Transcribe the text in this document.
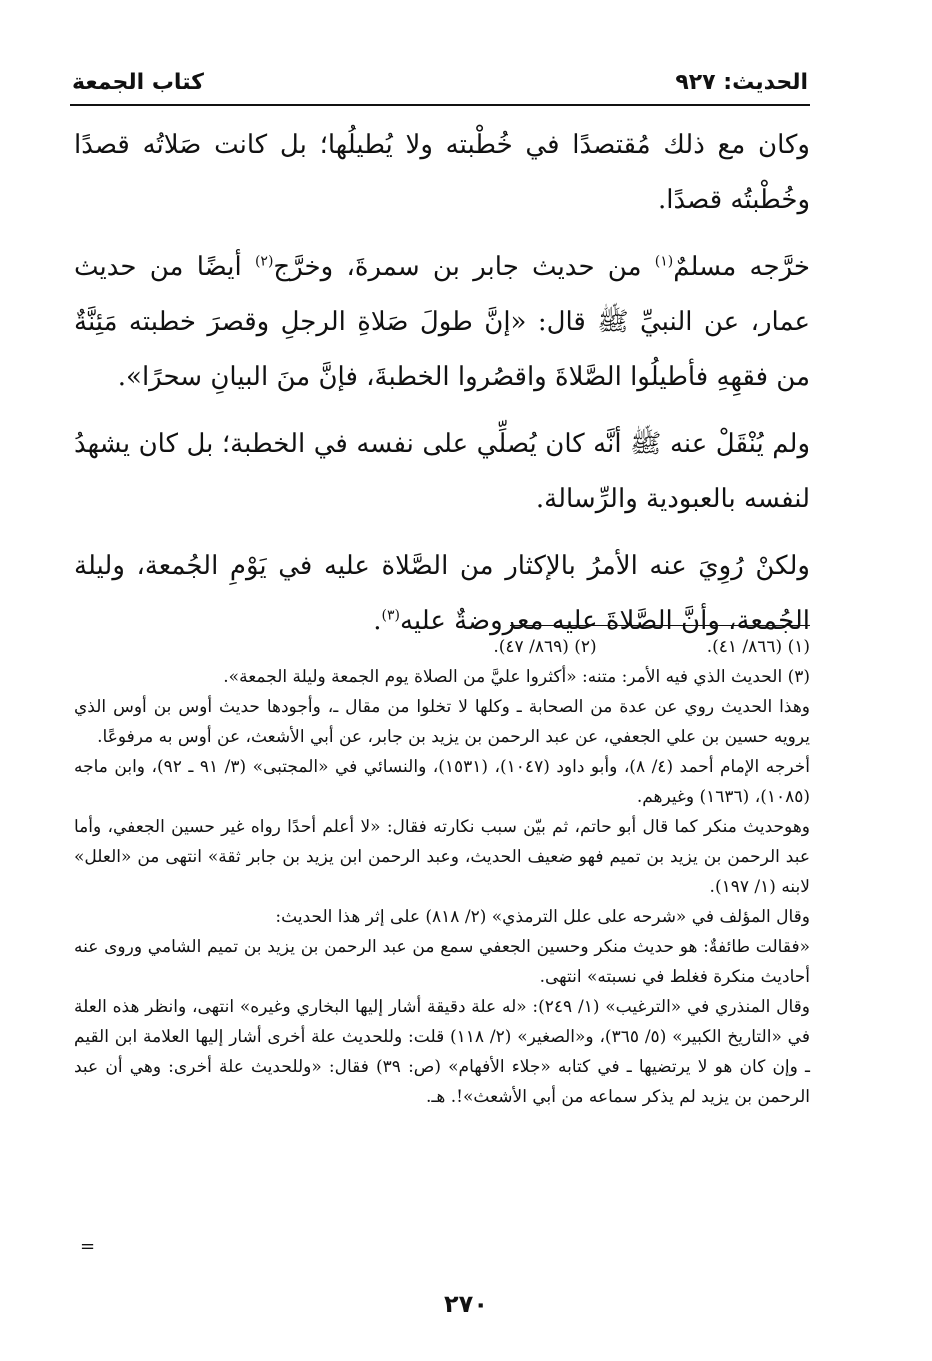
الحديث: ٩٢٧
كتاب الجمعة

وكان مع ذلك مُقتصدًا في خُطْبته ولا يُطيلُها؛ بل كانت صَلاتُه قصدًا وخُطْبتُه قصدًا.

خرَّجه مسلمٌ$^{(١)}$ من حديث جابر بن سمرةَ، وخرَّج$^{(٢)}$ أيضًا من حديث عمار، عن النبيِّ ﷺ قال: «إنَّ طولَ صَلاةِ الرجلِ وقصرَ خطبته مَئِنَّةٌ من فقهِهِ فأطيلُوا الصَّلاةَ واقصُروا الخطبةَ، فإنَّ منَ البيانِ سحرًا».

ولم يُنْقَلْ عنه ﷺ أنَّه كان يُصلِّي على نفسه في الخطبة؛ بل كان يشهدُ لنفسه بالعبودية والرِّسالة.

ولكنْ رُوِيَ عنه الأمرُ بالإكثار من الصَّلاة عليه في يَوْمِ الجُمعة، وليلة الجُمعة، وأنَّ الصَّلاةَ عليه معروضةٌ عليه$^{(٣)}$.

(١) (٨٦٦/ ٤١).
(٢) (٨٦٩/ ٤٧).

(٣) الحديث الذي فيه الأمر: متنه: «أكثروا عليَّ من الصلاة يوم الجمعة وليلة الجمعة».

وهذا الحديث روي عن عدة من الصحابة ـ وكلها لا تخلوا من مقال ـ، وأجودها حديث أوس بن أوس الذي يرويه حسين بن علي الجعفي، عن عبد الرحمن بن يزيد بن جابر، عن أبي الأشعث، عن أوس به مرفوعًا.

أخرجه الإمام أحمد (٤/ ٨)، وأبو داود (١٠٤٧)، (١٥٣١)، والنسائي في «المجتبى» (٣/ ٩١ ـ ٩٢)، وابن ماجه (١٠٨٥)، (١٦٣٦) وغيرهم.

وهوحديث منكر كما قال أبو حاتم، ثم بيّن سبب نكارته فقال: «لا أعلم أحدًا رواه غير حسين الجعفي، وأما عبد الرحمن بن يزيد بن تميم فهو ضعيف الحديث، وعبد الرحمن ابن يزيد بن جابر ثقة» انتهى من «العلل» لابنه (١/ ١٩٧).

وقال المؤلف في «شرحه على علل الترمذي» (٢/ ٨١٨) على إثر هذا الحديث:

«فقالت طائفةٌ: هو حديث منكر وحسين الجعفي سمع من عبد الرحمن بن يزيد بن تميم الشامي وروى عنه أحاديث منكرة فغلط في نسبته» انتهى.

وقال المنذري في «الترغيب» (١/ ٢٤٩): «له علة دقيقة أشار إليها البخاري وغيره» انتهى، وانظر هذه العلة في «التاريخ الكبير» (٥/ ٣٦٥)، و«الصغير» (٢/ ١١٨) قلت: وللحديث علة أخرى أشار إليها العلامة ابن القيم ـ وإن كان هو لا يرتضيها ـ في كتابه «جلاء الأفهام» (ص: ٣٩) فقال: «وللحديث علة أخرى: وهي أن عبد الرحمن بن يزيد لم يذكر سماعه من أبي الأشعث»!. هـ.

=
٢٧٠
